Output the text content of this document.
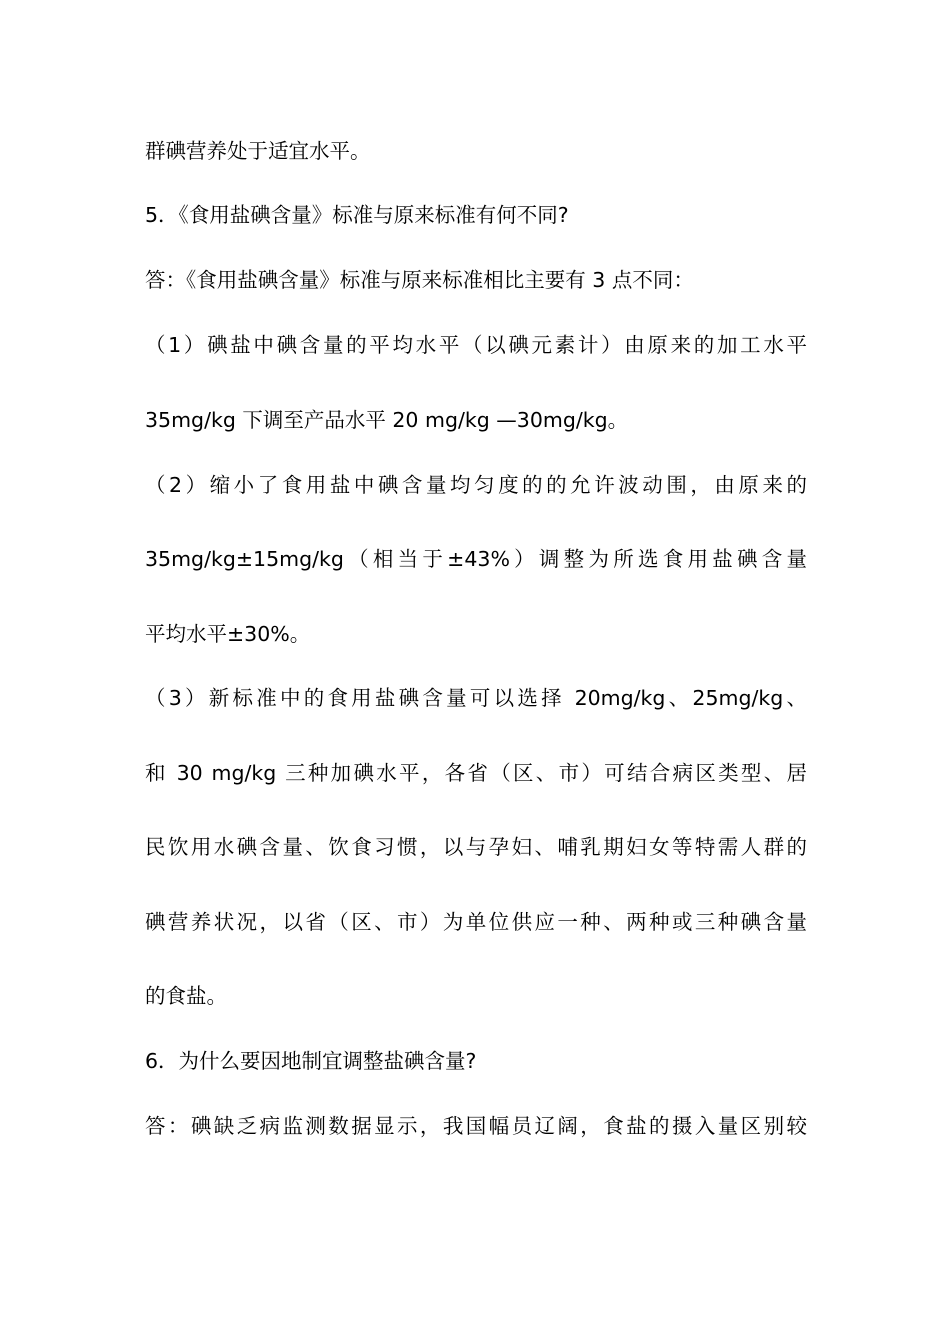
群碘营养处于适宜水平。
5．《食用盐碘含量》标准与原来标准有何不同?
答：《食用盐碘含量》标准与原来标准相比主要有 3 点不同：
（1）碘盐中碘含量的平均水平（以碘元素计）由原来的加工水平
35mg/kg 下调至产品水平 20 mg/kg —30mg/kg。
（2）缩小了食用盐中碘含量均匀度的的允许波动围，由原来的
35mg/kg±15mg/kg（相当于±43%）调整为所选食用盐碘含量
平均水平±30%。
（3）新标准中的食用盐碘含量可以选择 20mg/kg、25mg/kg、
和 30 mg/kg 三种加碘水平，各省（区、市）可结合病区类型、居
民饮用水碘含量、饮食习惯，以与孕妇、哺乳期妇女等特需人群的
碘营养状况，以省（区、市）为单位供应一种、两种或三种碘含量
的食盐。
6．为什么要因地制宜调整盐碘含量?
答：碘缺乏病监测数据显示，我国幅员辽阔，食盐的摄入量区别较
